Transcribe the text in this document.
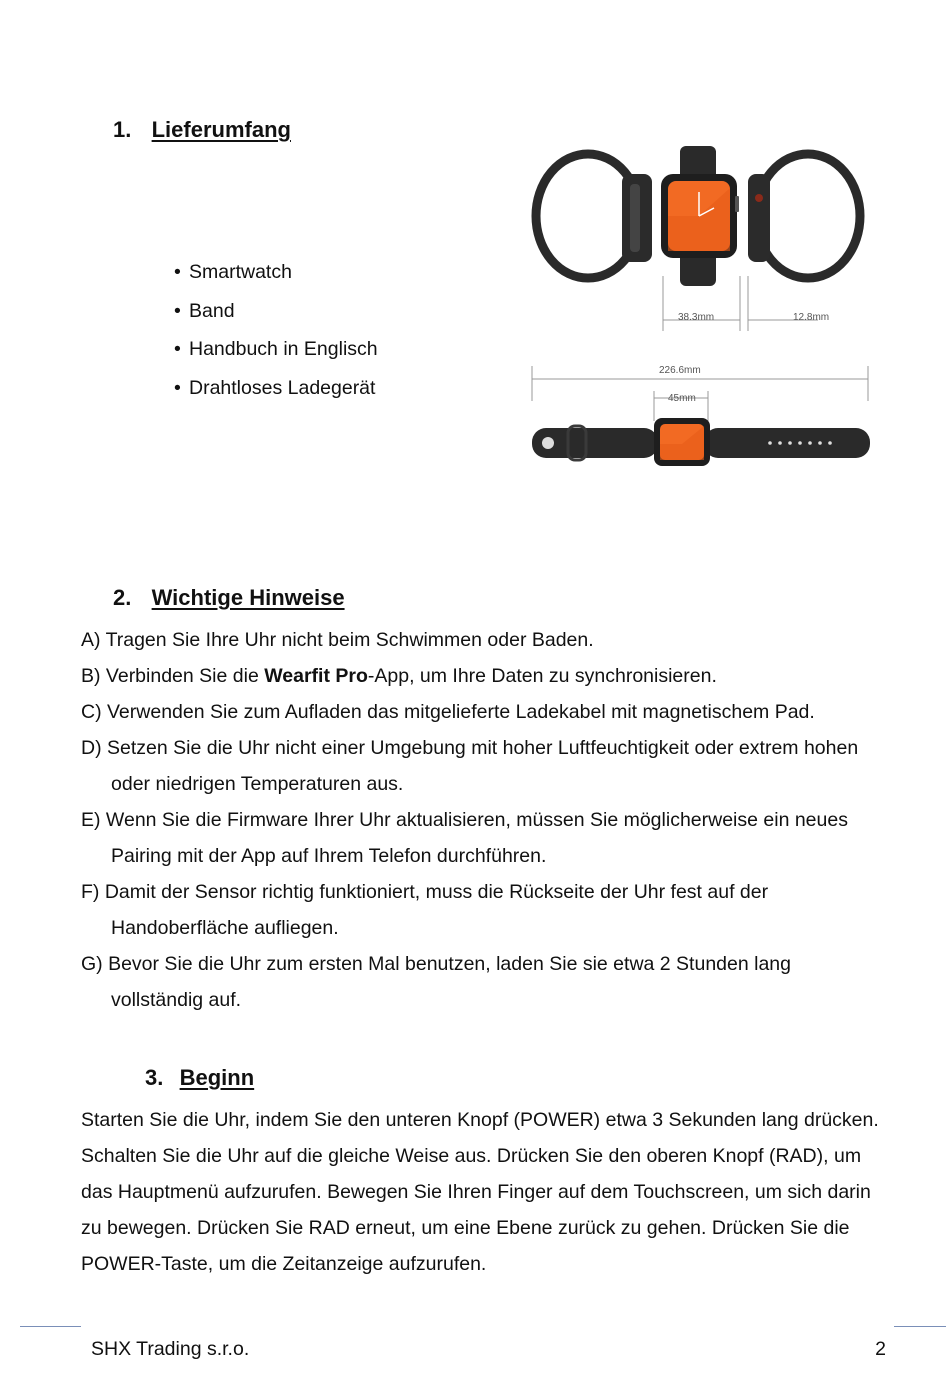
1. Lieferumfang
• Smartwatch
• Band
• Handbuch in Englisch
• Drahtloses Ladegerät
38.3mm	12.8mm
226.6mm
45mm
2. Wichtige Hinweise
A) Tragen Sie Ihre Uhr nicht beim Schwimmen oder Baden.
B) Verbinden Sie die Wearfit Pro-App, um Ihre Daten zu synchronisieren.
C) Verwenden Sie zum Aufladen das mitgelieferte Ladekabel mit magnetischem Pad.
D) Setzen Sie die Uhr nicht einer Umgebung mit hoher Luftfeuchtigkeit oder extrem hohen oder niedrigen Temperaturen aus.
E) Wenn Sie die Firmware Ihrer Uhr aktualisieren, müssen Sie möglicherweise ein neues Pairing mit der App auf Ihrem Telefon durchführen.
F) Damit der Sensor richtig funktioniert, muss die Rückseite der Uhr fest auf der Handoberfläche aufliegen.
G) Bevor Sie die Uhr zum ersten Mal benutzen, laden Sie sie etwa 2 Stunden lang vollständig auf.
3. Beginn
Starten Sie die Uhr, indem Sie den unteren Knopf (POWER) etwa 3 Sekunden lang drücken. Schalten Sie die Uhr auf die gleiche Weise aus. Drücken Sie den oberen Knopf (RAD), um das Hauptmenü aufzurufen. Bewegen Sie Ihren Finger auf dem Touchscreen, um sich darin zu bewegen. Drücken Sie RAD erneut, um eine Ebene zurück zu gehen. Drücken Sie die POWER-Taste, um die Zeitanzeige aufzurufen.
SHX Trading s.r.o.	2
